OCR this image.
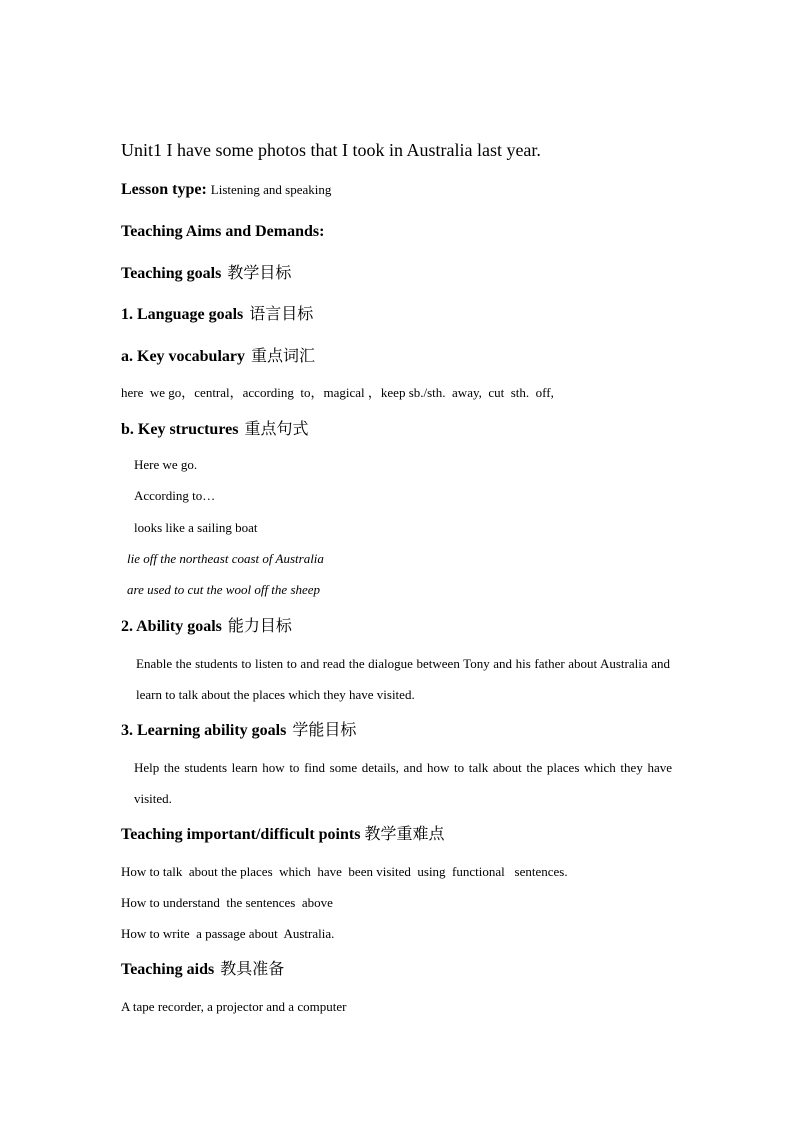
Unit1 I have some photos that I took in Australia last year.
Lesson type: Listening and speaking
Teaching Aims and Demands:
Teaching goals 教学目标
1. Language goals 语言目标
a. Key vocabulary 重点词汇
here  we go，central，according  to，magical ，keep sb./sth.  away,  cut  sth.  off,
b. Key structures 重点句式
Here we go.
According to…
looks like a sailing boat
lie off the northeast coast of Australia
are used to cut the wool off the sheep
2. Ability goals 能力目标
Enable the students to listen to and read the dialogue between Tony and his father about Australia and learn to talk about the places which they have visited.
3. Learning ability goals 学能目标
Help the students learn how to find some details, and how to talk about the places which they have visited.
Teaching important/difficult points 教学重难点
How to talk  about the places  which  have  been visited  using  functional   sentences.
How to understand  the sentences  above
How to write  a passage about  Australia.
Teaching aids 教具准备
A tape recorder, a projector and a computer
